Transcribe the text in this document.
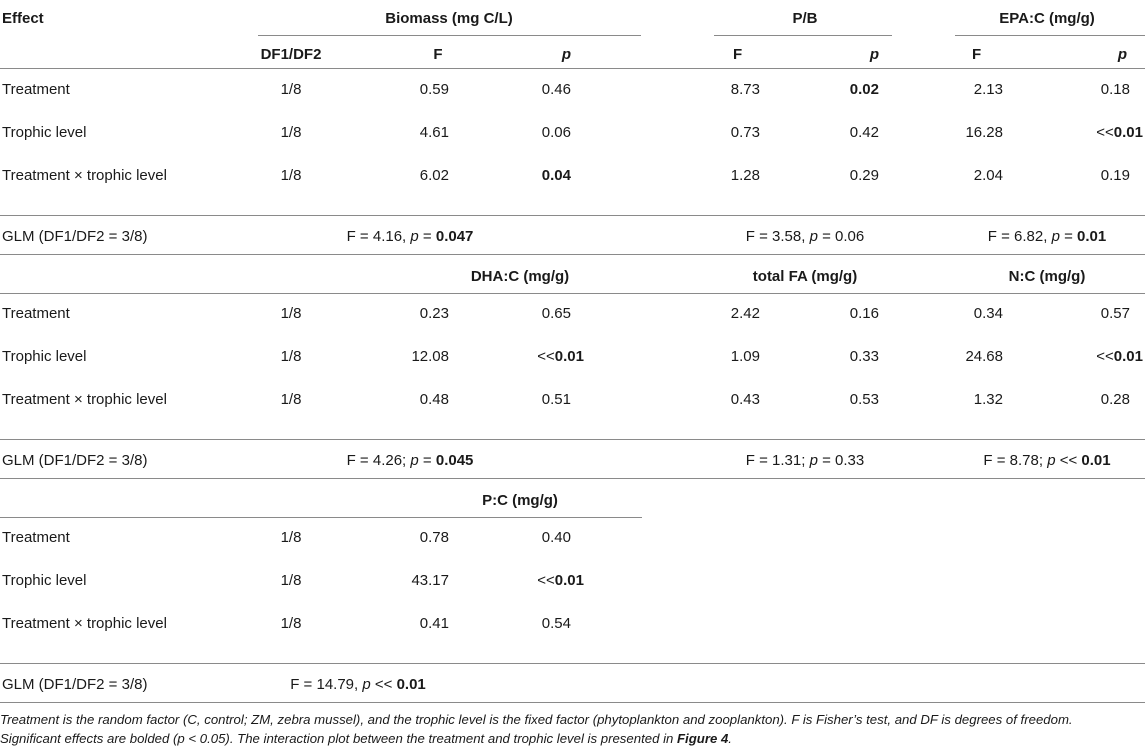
Effect	Biomass (mg C/L)	P/B	EPA:C (mg/g)
DF1/DF2	F	p	F	p	F	p
Treatment	1/8	0.59	0.46	8.73	0.02	2.13	0.18
Trophic level	1/8	4.61	0.06	0.73	0.42	16.28	<<0.01
Treatment × trophic level	1/8	6.02	0.04	1.28	0.29	2.04	0.19
GLM (DF1/DF2 = 3/8)	F = 4.16, p = 0.047	F = 3.58, p = 0.06	F = 6.82, p = 0.01
DHA:C (mg/g)	total FA (mg/g)	N:C (mg/g)
Treatment	1/8	0.23	0.65	2.42	0.16	0.34	0.57
Trophic level	1/8	12.08	<<0.01	1.09	0.33	24.68	<<0.01
Treatment × trophic level	1/8	0.48	0.51	0.43	0.53	1.32	0.28
GLM (DF1/DF2 = 3/8)	F = 4.26; p = 0.045	F = 1.31; p = 0.33	F = 8.78; p << 0.01
P:C (mg/g)
Treatment	1/8	0.78	0.40
Trophic level	1/8	43.17	<<0.01
Treatment × trophic level	1/8	0.41	0.54
GLM (DF1/DF2 = 3/8)	F = 14.79, p << 0.01
Treatment is the random factor (C, control; ZM, zebra mussel), and the trophic level is the fixed factor (phytoplankton and zooplankton). F is Fisher’s test, and DF is degrees of freedom.
Significant effects are bolded (p < 0.05). The interaction plot between the treatment and trophic level is presented in Figure 4.
